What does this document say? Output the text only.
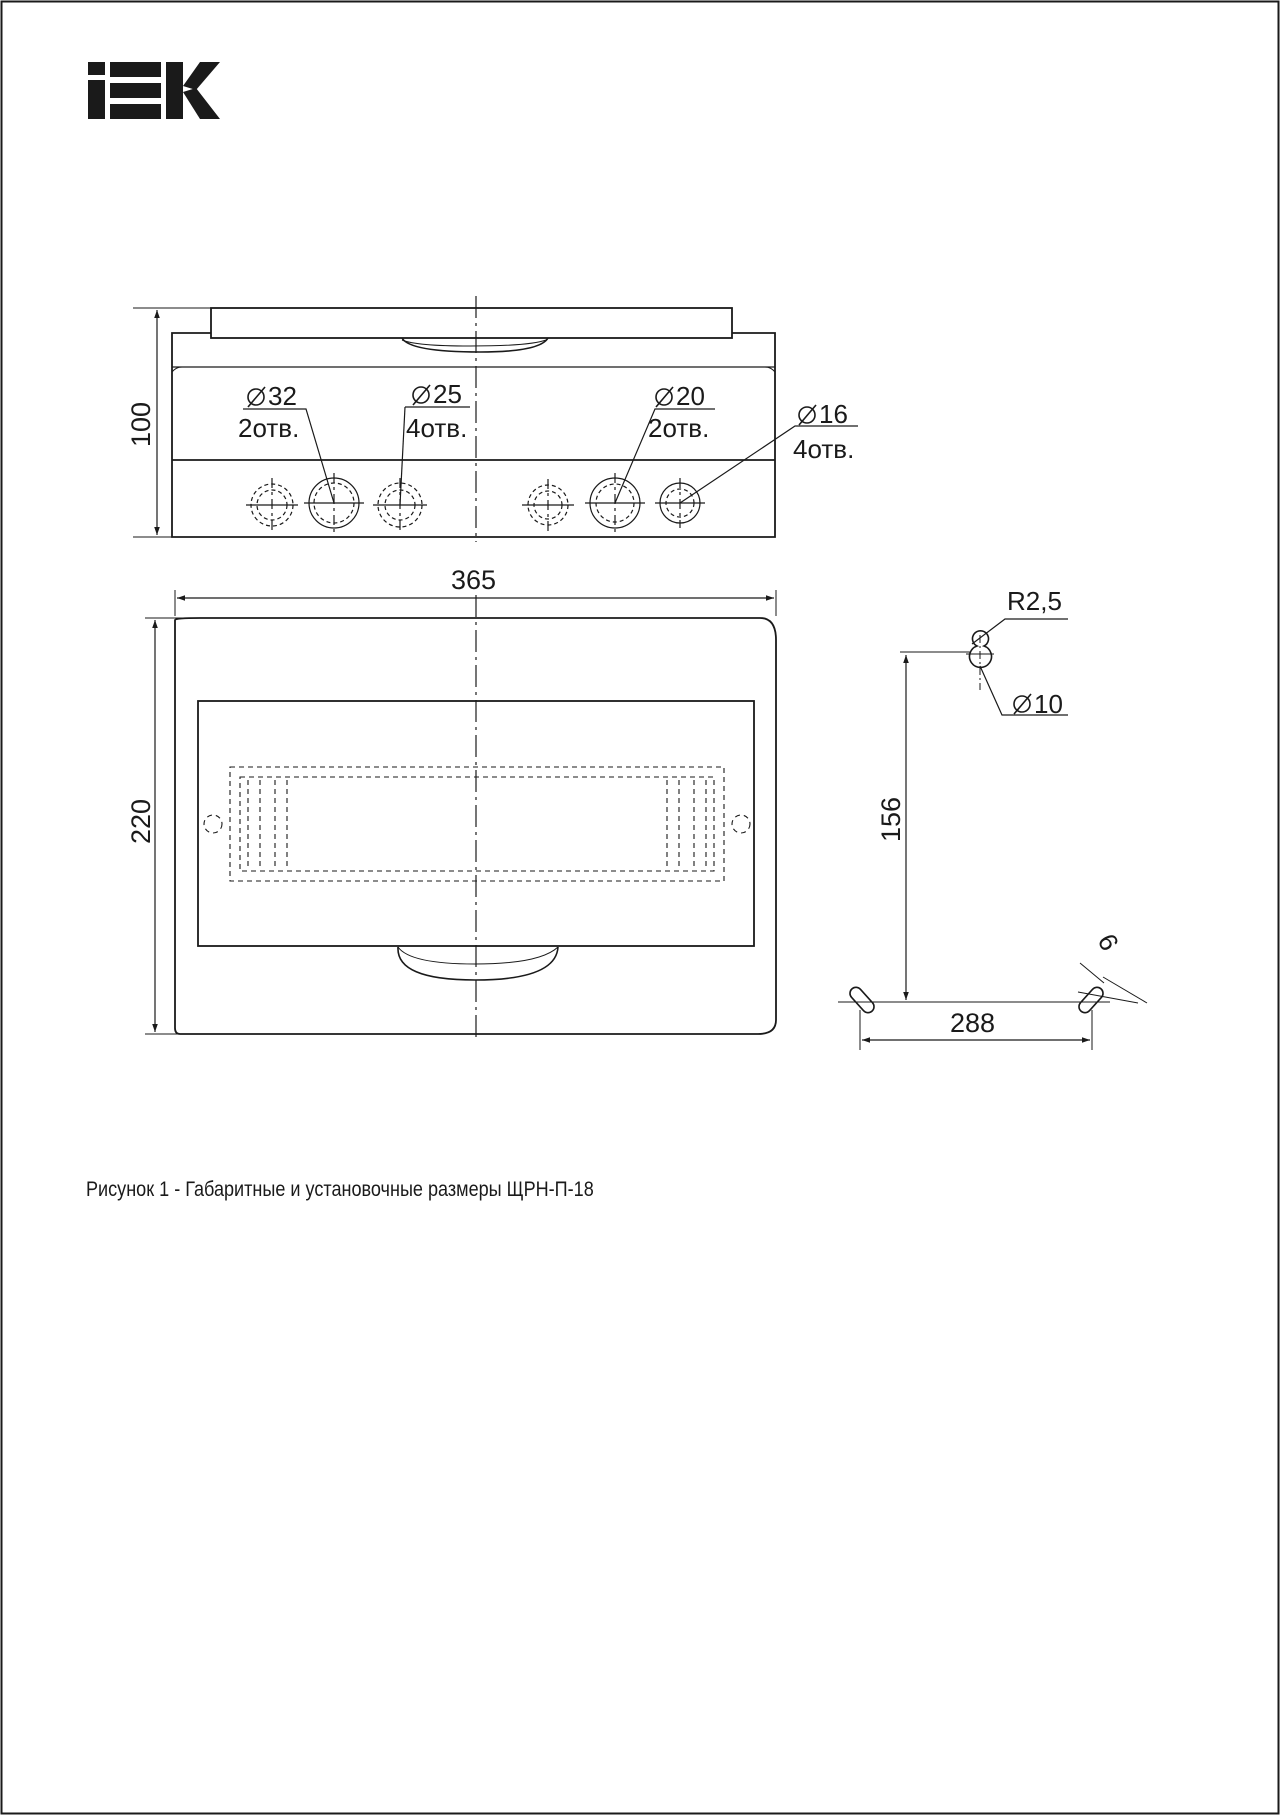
IEK
32
2отв.
25
4отв.
20
2отв.	16
4отв.
100
365
220
R2,5
10
156
288
6

Рисунок 1 - Габаритные и установочные размеры ЩРН-П-18
